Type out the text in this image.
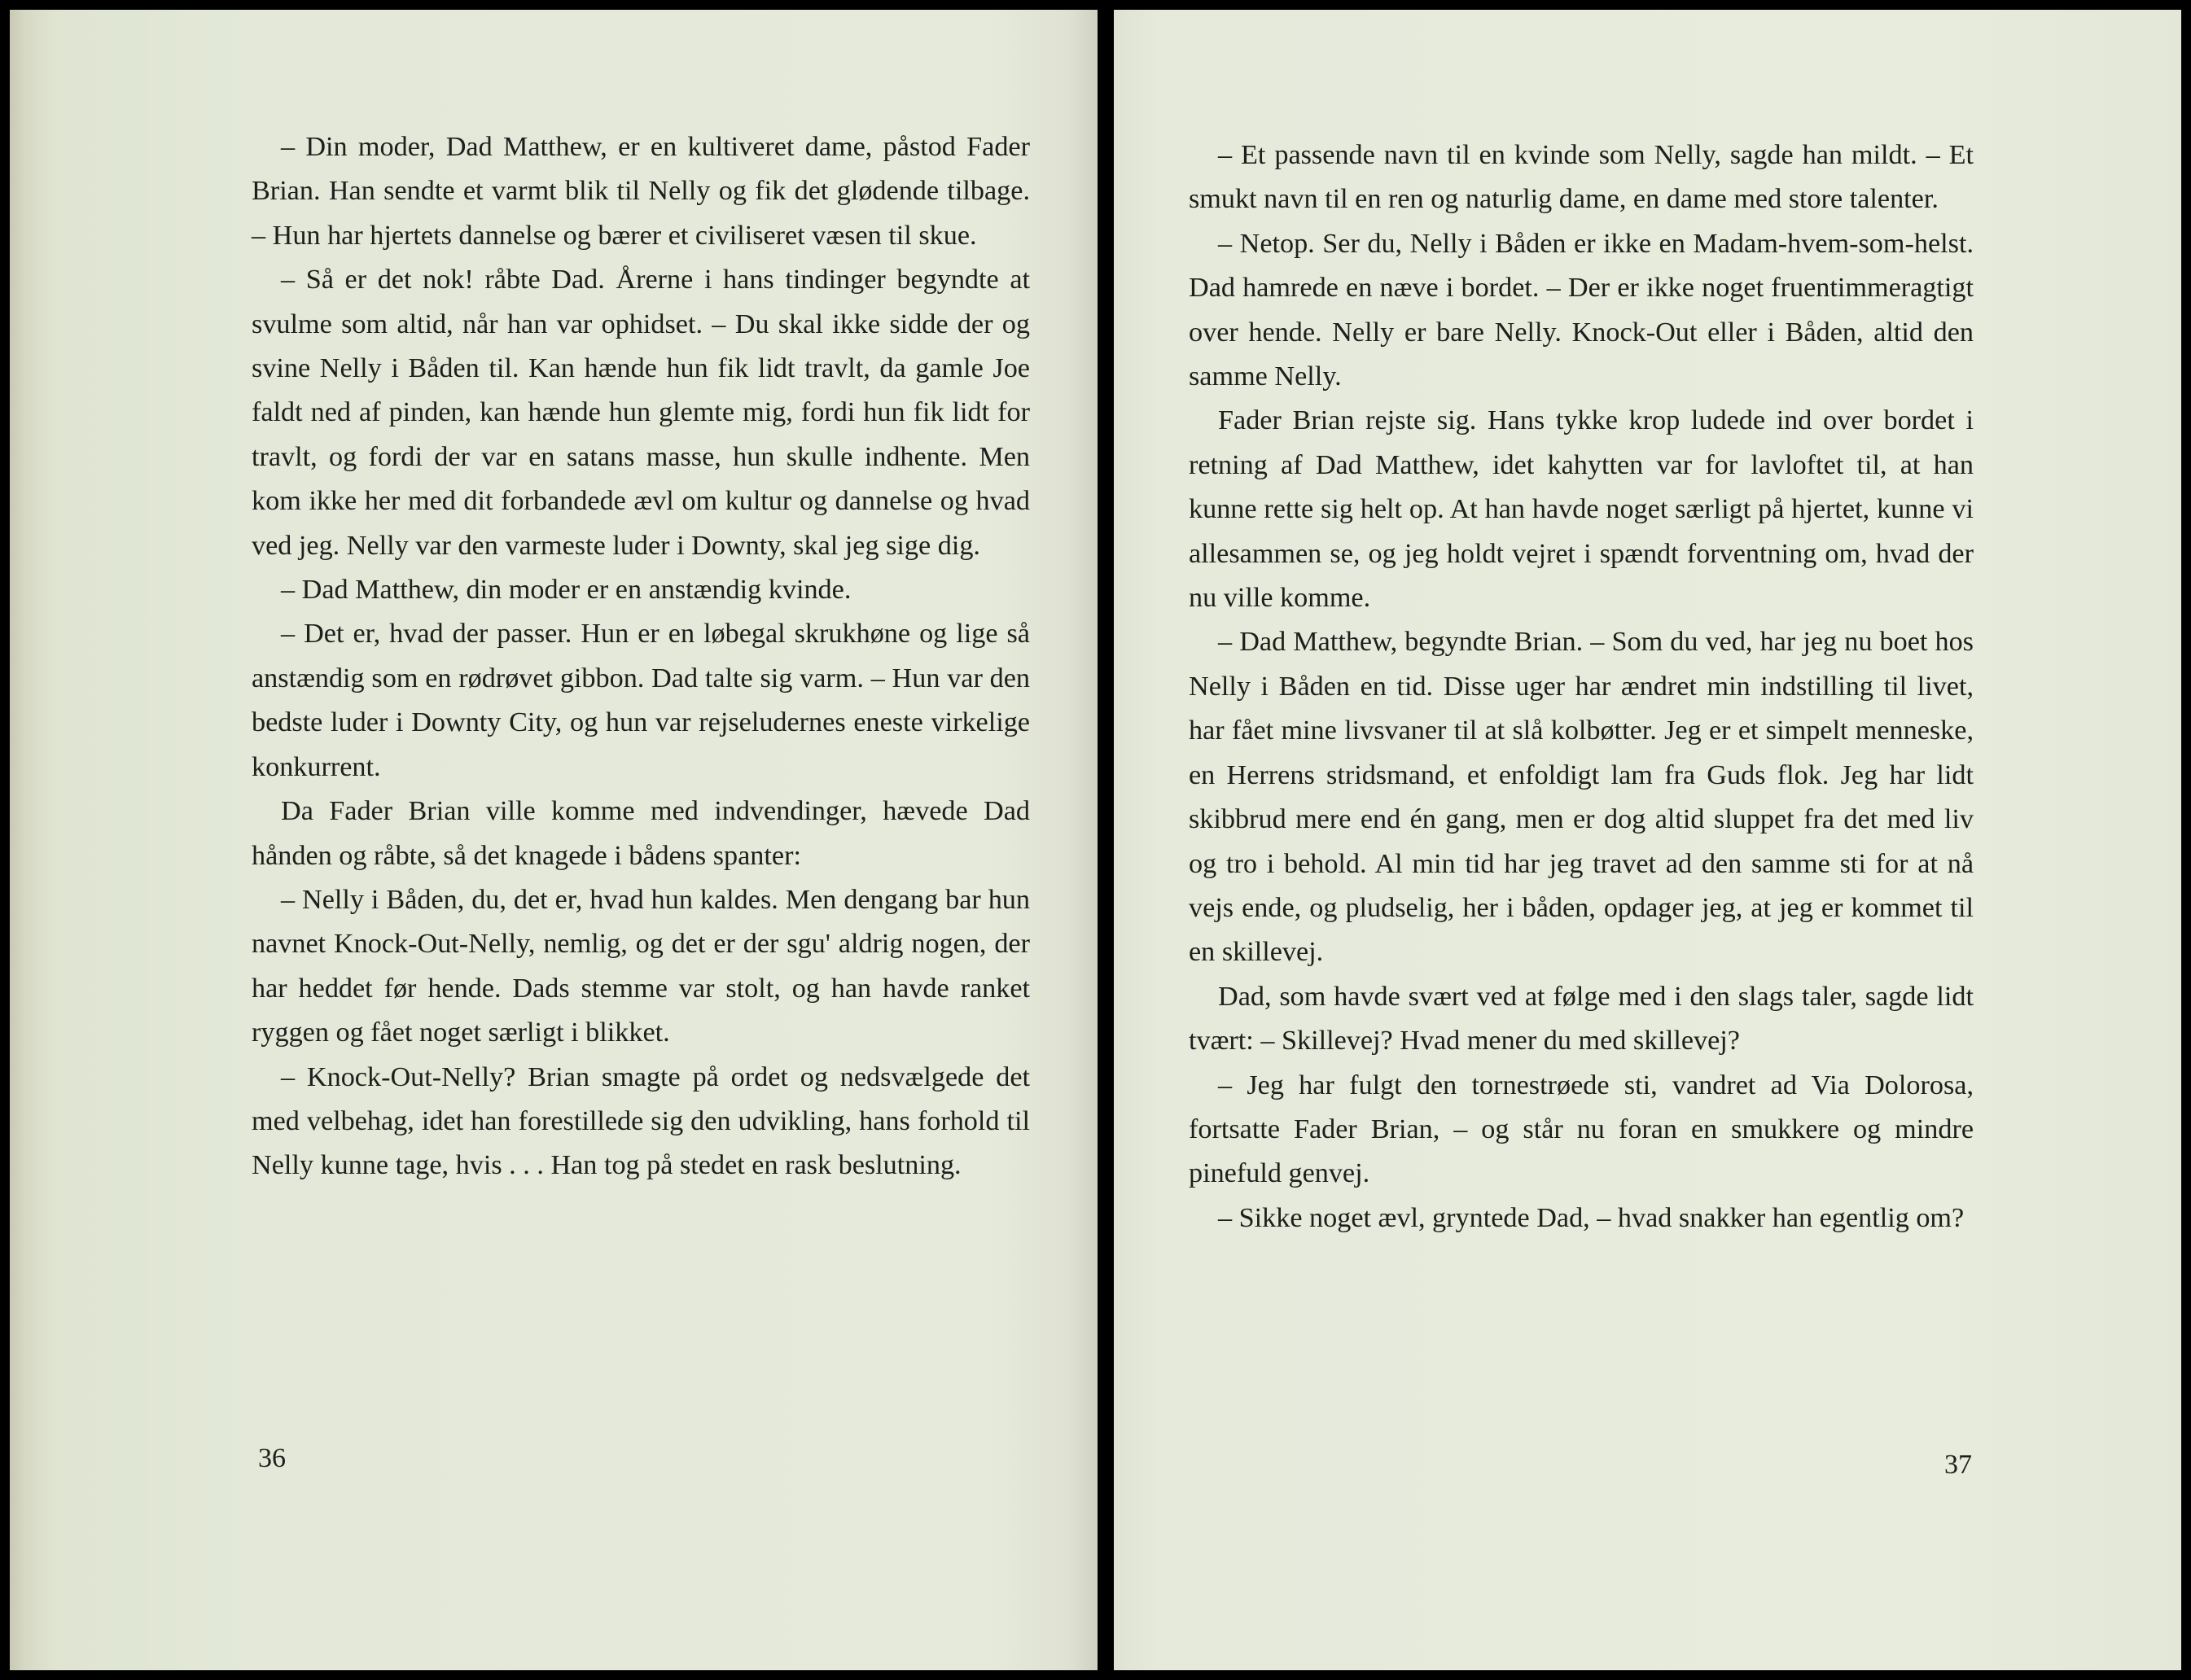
– Din moder, Dad Matthew, er en kultiveret dame, påstod Fader Brian. Han sendte et varmt blik til Nelly og fik det glødende tilbage. – Hun har hjertets dannelse og bærer et civiliseret væsen til skue.

– Så er det nok! råbte Dad. Årerne i hans tindinger begyndte at svulme som altid, når han var ophidset. – Du skal ikke sidde der og svine Nelly i Båden til. Kan hænde hun fik lidt travlt, da gamle Joe faldt ned af pinden, kan hænde hun glemte mig, fordi hun fik lidt for travlt, og fordi der var en satans masse, hun skulle indhente. Men kom ikke her med dit forbandede ævl om kultur og dannelse og hvad ved jeg. Nelly var den varmeste luder i Downty, skal jeg sige dig.

– Dad Matthew, din moder er en anstændig kvinde.

– Det er, hvad der passer. Hun er en løbegal skrukhøne og lige så anstændig som en rødrøvet gibbon. Dad talte sig varm. – Hun var den bedste luder i Downty City, og hun var rejseludernes eneste virkelige konkurrent.

Da Fader Brian ville komme med indvendinger, hævede Dad hånden og råbte, så det knagede i bådens spanter:

– Nelly i Båden, du, det er, hvad hun kaldes. Men dengang bar hun navnet Knock-Out-Nelly, nemlig, og det er der sgu' aldrig nogen, der har heddet før hende. Dads stemme var stolt, og han havde ranket ryggen og fået noget særligt i blikket.

– Knock-Out-Nelly? Brian smagte på ordet og nedsvælgede det med velbehag, idet han forestillede sig den udvikling, hans forhold til Nelly kunne tage, hvis . . . Han tog på stedet en rask beslutning.

36

– Et passende navn til en kvinde som Nelly, sagde han mildt. – Et smukt navn til en ren og naturlig dame, en dame med store talenter.

– Netop. Ser du, Nelly i Båden er ikke en Madam-hvem-som-helst. Dad hamrede en næve i bordet. – Der er ikke noget fruentimmeragtigt over hende. Nelly er bare Nelly. Knock-Out eller i Båden, altid den samme Nelly.

Fader Brian rejste sig. Hans tykke krop ludede ind over bordet i retning af Dad Matthew, idet kahytten var for lavloftet til, at han kunne rette sig helt op. At han havde noget særligt på hjertet, kunne vi allesammen se, og jeg holdt vejret i spændt forventning om, hvad der nu ville komme.

– Dad Matthew, begyndte Brian. – Som du ved, har jeg nu boet hos Nelly i Båden en tid. Disse uger har ændret min indstilling til livet, har fået mine livsvaner til at slå kolbøtter. Jeg er et simpelt menneske, en Herrens stridsmand, et enfoldigt lam fra Guds flok. Jeg har lidt skibbrud mere end én gang, men er dog altid sluppet fra det med liv og tro i behold. Al min tid har jeg travet ad den samme sti for at nå vejs ende, og pludselig, her i båden, opdager jeg, at jeg er kommet til en skillevej.

Dad, som havde svært ved at følge med i den slags taler, sagde lidt tvært: – Skillevej? Hvad mener du med skillevej?

– Jeg har fulgt den tornestrøede sti, vandret ad Via Dolorosa, fortsatte Fader Brian, – og står nu foran en smukkere og mindre pinefuld genvej.

– Sikke noget ævl, gryntede Dad, – hvad snakker han egentlig om?

37
